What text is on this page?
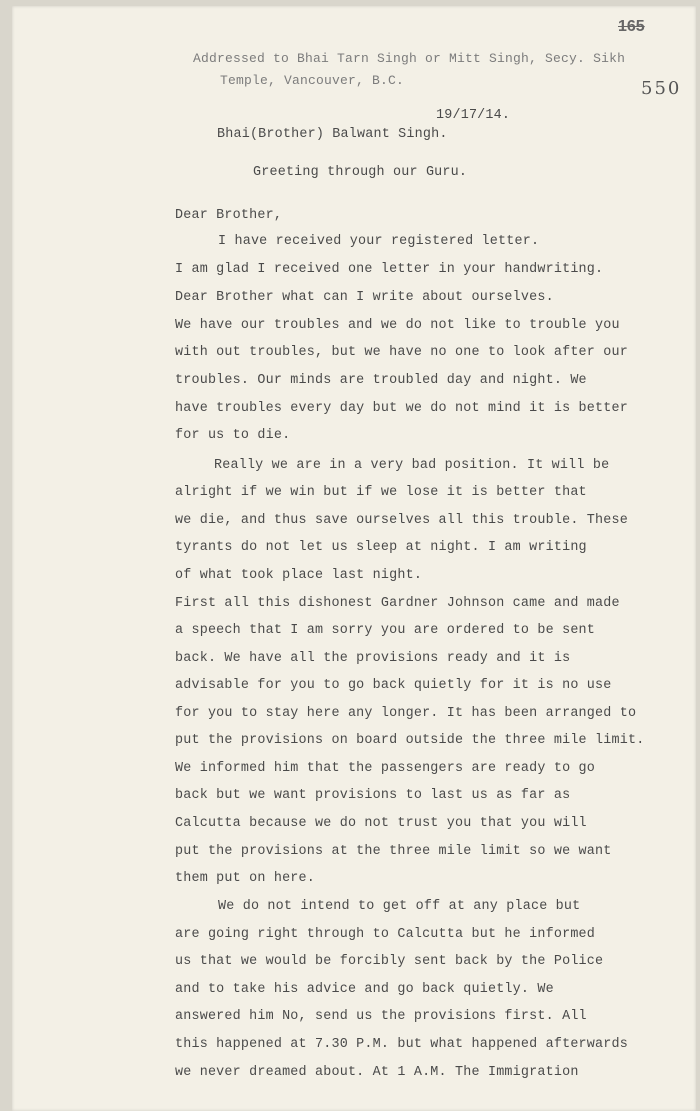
165
550
Addressed to Bhai Tarn Singh or Mitt Singh, Secy. Sikh
Temple, Vancouver, B.C.
19/17/14.
Bhai(Brother) Balwant Singh.
Greeting through our Guru.
Dear Brother,
I have received your registered letter.
I am glad I received one letter in your handwriting.
Dear Brother what can I write about ourselves.
We have our troubles and we do not like to trouble you
with out troubles, but we have no one to look after our
troubles. Our minds are troubled day and night. We
have troubles every day but we do not mind it is better
for us to die.
Really we are in a very bad position. It will be
alright if we win but if we lose it is better that
we die, and thus save ourselves all this trouble. These
tyrants do not let us sleep at night. I am writing
of what took place last night.
First all this dishonest Gardner Johnson came and made
a speech that I am sorry you are ordered to be sent
back. We have all the provisions ready and it is
advisable for you to go back quietly for it is no use
for you to stay here any longer. It has been arranged to
put the provisions on board outside the three mile limit.
We informed him that the passengers are ready to go
back but we want provisions to last us as far as
Calcutta because we do not trust you that you will
put the provisions at the three mile limit so we want
them put on here.
We do not intend to get off at any place but
are going right through to Calcutta but he informed
us that we would be forcibly sent back by the Police
and to take his advice and go back quietly. We
answered him No, send us the provisions first. All
this happened at 7.30 P.M. but what happened afterwards
we never dreamed about. At 1 A.M. The Immigration
